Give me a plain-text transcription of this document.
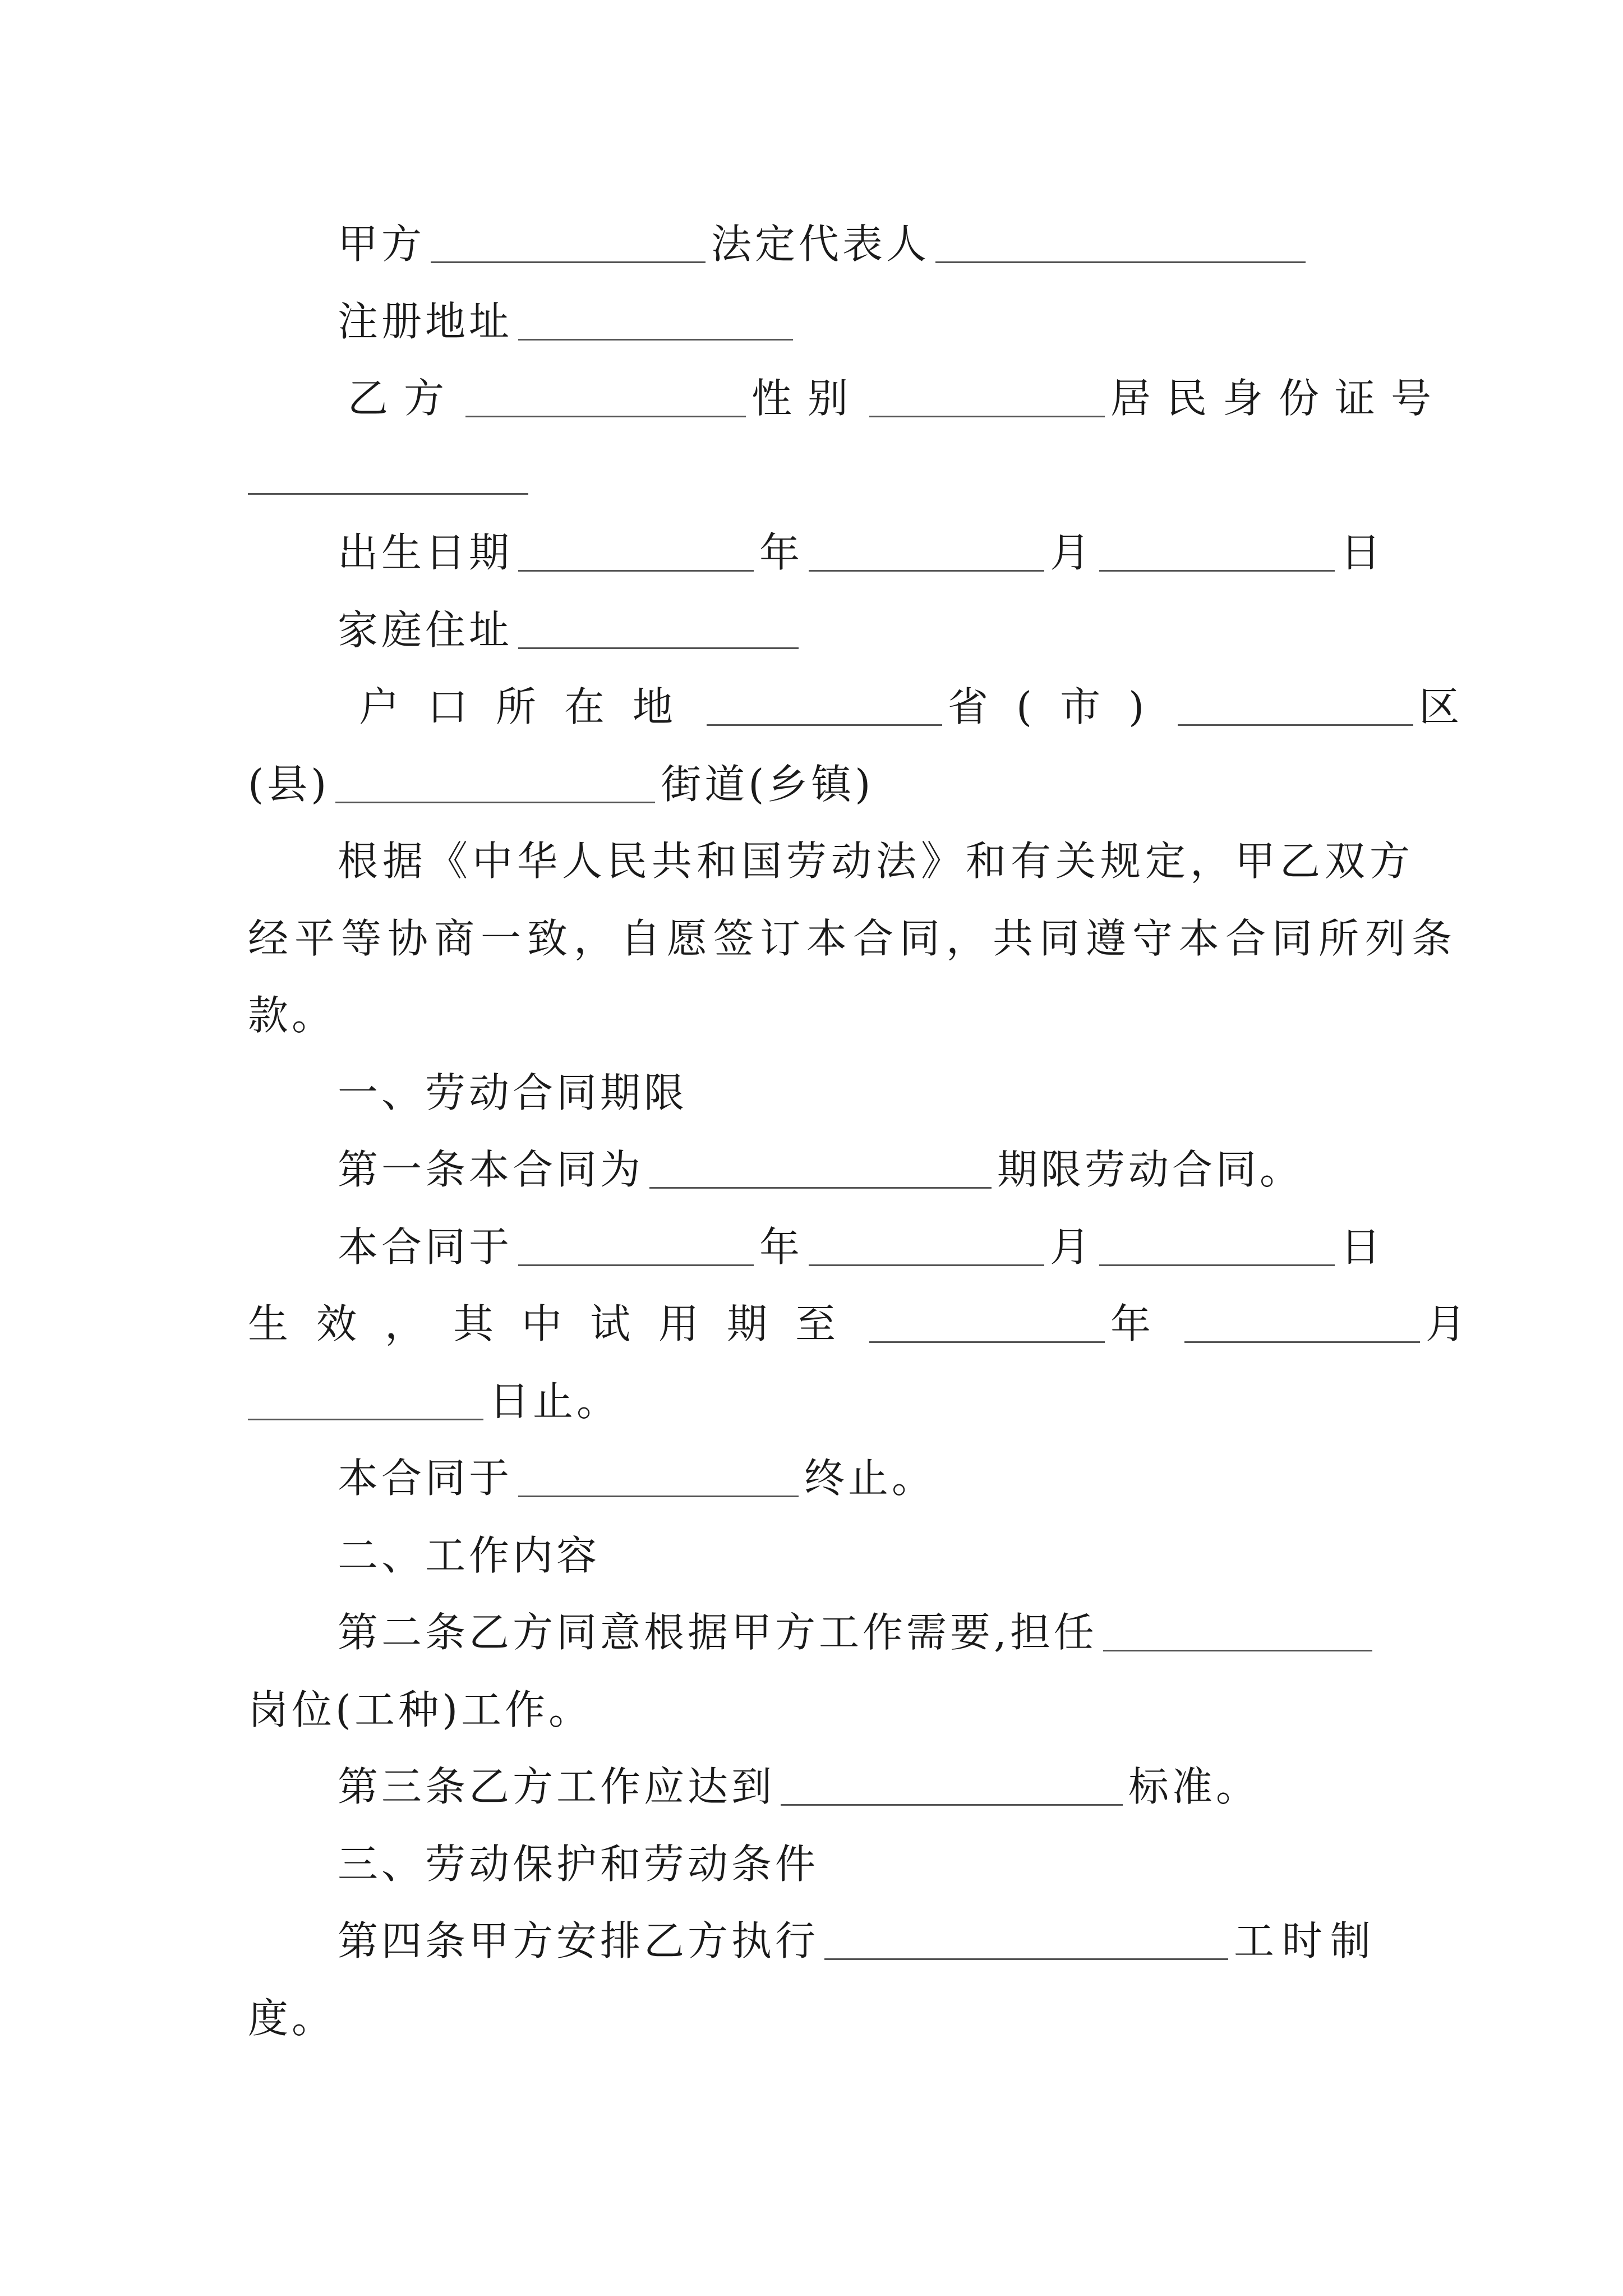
甲方	法定代表人
注册地址
乙方	性别	居民身份证号
出生日期	年	月	日
家庭住址
户口所在地	省(市)	区
(县)	街道(乡镇)
根据《中华人民共和国劳动法》和有关规定，甲乙双方
经平等协商一致，自愿签订本合同，共同遵守本合同所列条
款。
一、劳动合同期限
第一条本合同为	期限劳动合同。
本合同于	年	月	日
生效，其中试用期至	年	月
日止。
本合同于	终止。
二、工作内容
第二条乙方同意根据甲方工作需要,担任
岗位(工种)工作。
第三条乙方工作应达到	标准。
三、劳动保护和劳动条件
第四条甲方安排乙方执行	工时制
度。
